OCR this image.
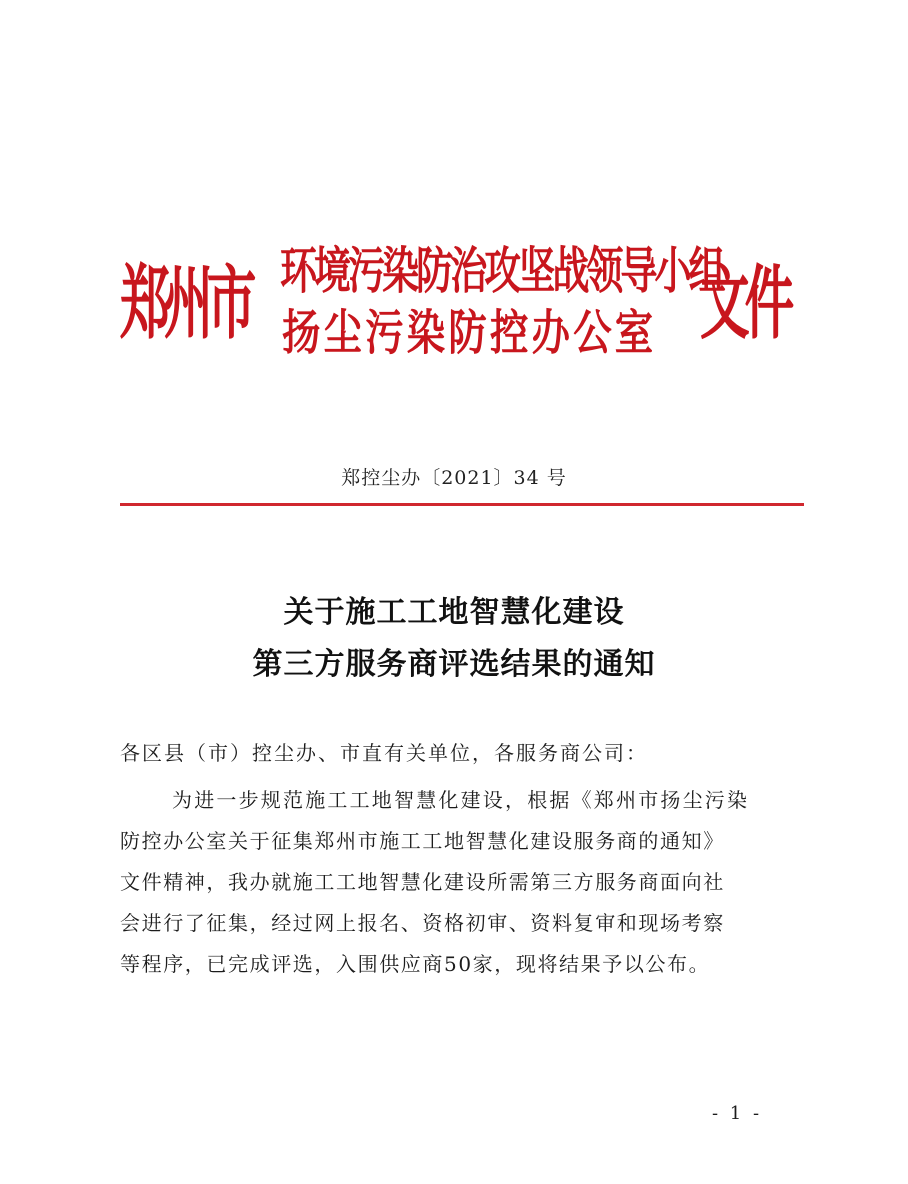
郑州市 环境污染防治攻坚战领导小组
扬尘污染防控办公室 文件
郑控尘办〔2021〕34 号
关于施工工地智慧化建设
第三方服务商评选结果的通知
各区县（市）控尘办、市直有关单位，各服务商公司：
为进一步规范施工工地智慧化建设，根据《郑州市扬尘污染
防控办公室关于征集郑州市施工工地智慧化建设服务商的通知》
文件精神，我办就施工工地智慧化建设所需第三方服务商面向社
会进行了征集，经过网上报名、资格初审、资料复审和现场考察
等程序，已完成评选，入围供应商50家，现将结果予以公布。
- 1 -
